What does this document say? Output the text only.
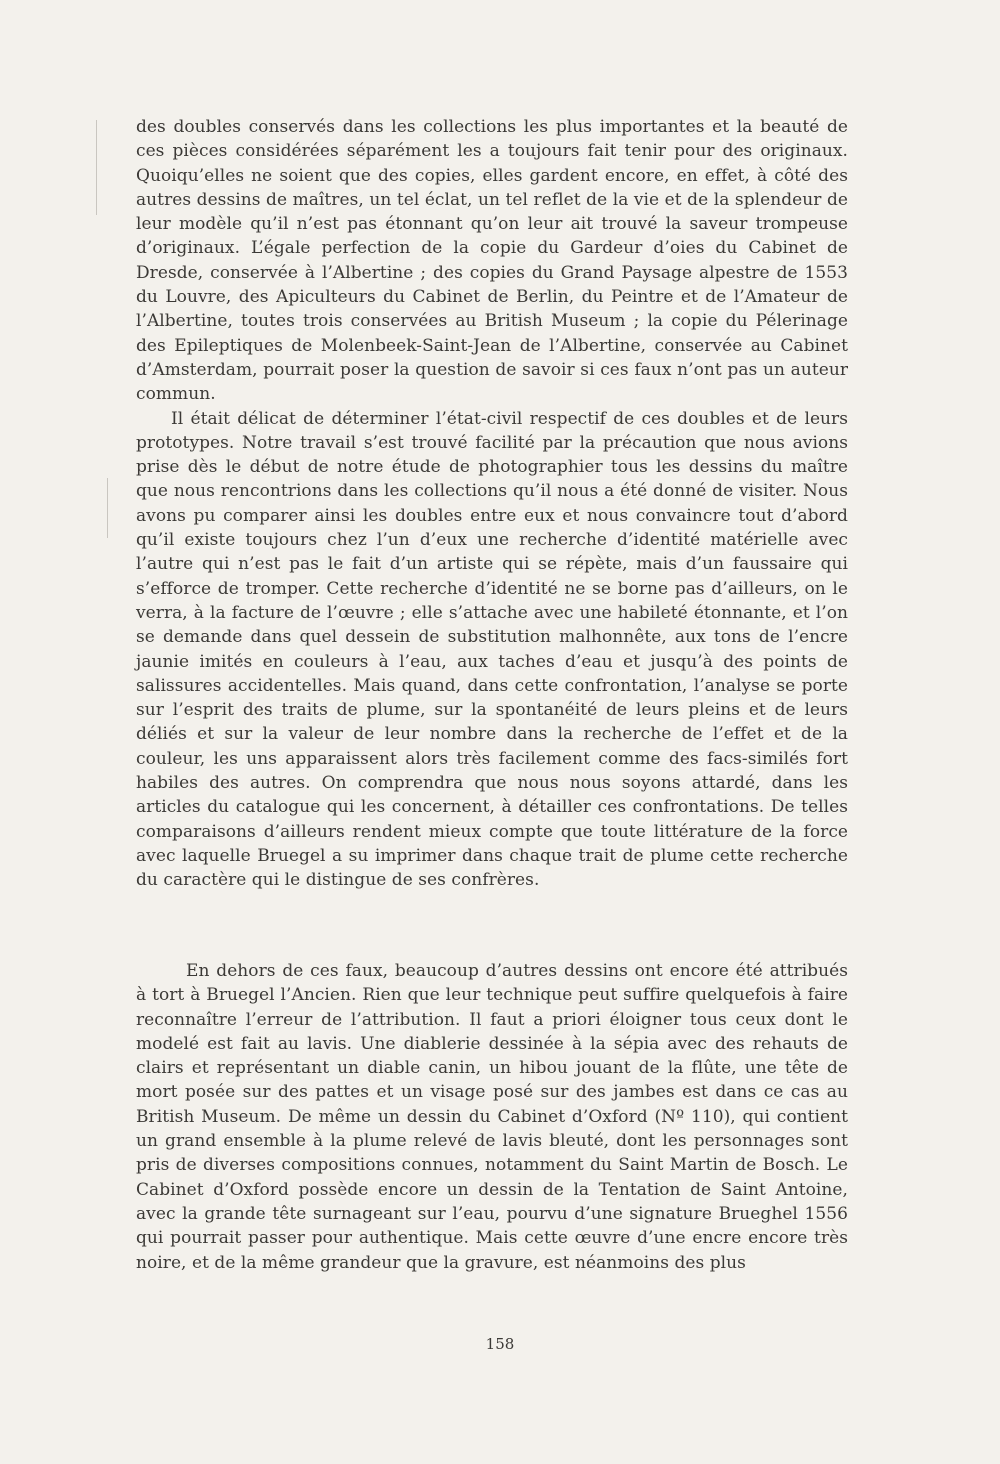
des doubles conservés dans les collections les plus importantes et la beauté de ces pièces considérées séparément les a toujours fait tenir pour des originaux. Quoiqu’elles ne soient que des copies, elles gardent encore, en effet, à côté des autres dessins de maîtres, un tel éclat, un tel reflet de la vie et de la splendeur de leur modèle qu’il n’est pas étonnant qu’on leur ait trouvé la saveur trompeuse d’originaux. L’égale perfection de la copie du Gardeur d’oies du Cabinet de Dresde, conservée à l’Albertine ; des copies du Grand Paysage alpestre de 1553 du Louvre, des Apiculteurs du Cabinet de Berlin, du Peintre et de l’Amateur de l’Albertine, toutes trois conservées au British Museum ; la copie du Pélerinage des Epileptiques de Molenbeek-Saint-Jean de l’Albertine, conservée au Cabinet d’Amsterdam, pourrait poser la question de savoir si ces faux n’ont pas un auteur commun.

Il était délicat de déterminer l’état-civil respectif de ces doubles et de leurs prototypes. Notre travail s’est trouvé facilité par la précaution que nous avions prise dès le début de notre étude de photographier tous les dessins du maître que nous rencontrions dans les collections qu’il nous a été donné de visiter. Nous avons pu comparer ainsi les doubles entre eux et nous convaincre tout d’abord qu’il existe toujours chez l’un d’eux une recherche d’identité matérielle avec l’autre qui n’est pas le fait d’un artiste qui se répète, mais d’un faussaire qui s’efforce de tromper. Cette recherche d’identité ne se borne pas d’ailleurs, on le verra, à la facture de l’œuvre ; elle s’attache avec une habileté étonnante, et l’on se demande dans quel dessein de substitution malhonnête, aux tons de l’encre jaunie imités en couleurs à l’eau, aux taches d’eau et jusqu’à des points de salissures accidentelles. Mais quand, dans cette confrontation, l’analyse se porte sur l’esprit des traits de plume, sur la spontanéité de leurs pleins et de leurs déliés et sur la valeur de leur nombre dans la recherche de l’effet et de la couleur, les uns apparaissent alors très facilement comme des facs-similés fort habiles des autres. On comprendra que nous nous soyons attardé, dans les articles du catalogue qui les concernent, à détailler ces confrontations. De telles comparaisons d’ailleurs rendent mieux compte que toute littérature de la force avec laquelle Bruegel a su imprimer dans chaque trait de plume cette recherche du caractère qui le distingue de ses confrères.

En dehors de ces faux, beaucoup d’autres dessins ont encore été attribués à tort à Bruegel l’Ancien. Rien que leur technique peut suffire quelquefois à faire reconnaître l’erreur de l’attribution. Il faut a priori éloigner tous ceux dont le modelé est fait au lavis. Une diablerie dessinée à la sépia avec des rehauts de clairs et représentant un diable canin, un hibou jouant de la flûte, une tête de mort posée sur des pattes et un visage posé sur des jambes est dans ce cas au British Museum. De même un dessin du Cabinet d’Oxford (Nº 110), qui contient un grand ensemble à la plume relevé de lavis bleuté, dont les personnages sont pris de diverses compositions connues, notamment du Saint Martin de Bosch. Le Cabinet d’Oxford possède encore un dessin de la Tentation de Saint Antoine, avec la grande tête surnageant sur l’eau, pourvu d’une signature Brueghel 1556 qui pourrait passer pour authentique. Mais cette œuvre d’une encre encore très noire, et de la même grandeur que la gravure, est néanmoins des plus

158
